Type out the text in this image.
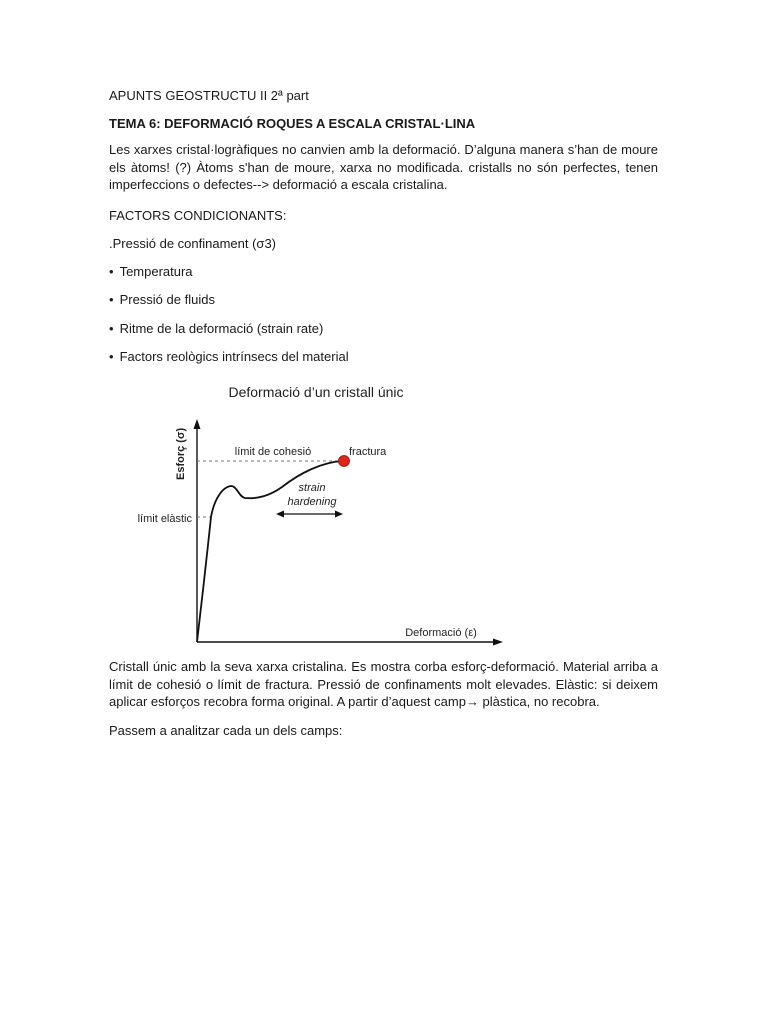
APUNTS GEOSTRUCTU II 2ª part
TEMA 6: DEFORMACIÓ ROQUES A ESCALA CRISTAL·LINA

Les xarxes cristal·logràfiques no canvien amb la deformació. D’alguna manera s’han de moure els àtoms! (?) Àtoms s'han de moure, xarxa no modificada. cristalls no són perfectes, tenen imperfeccions o defectes--> deformació a escala cristalina.

FACTORS CONDICIONANTS:
.Pressió de confinament (σ3)
• Temperatura
• Pressió de fluids
• Ritme de la deformació (strain rate)
• Factors reològics intrínsecs del material

Cristall únic amb la seva xarxa cristalina. Es mostra corba esforç-deformació. Material arriba a límit de cohesió o límit de fractura. Pressió de confinaments molt elevades. Elàstic: si deixem aplicar esforços recobra forma original. A partir d’aquest camp→ plàstica, no recobra.

Passem a analitzar cada un dels camps:
Deformació d’un cristall únic
Esforç (σ)
Deformació (ε)
límit de cohesió	fractura
límit elàstic
strain
hardening
